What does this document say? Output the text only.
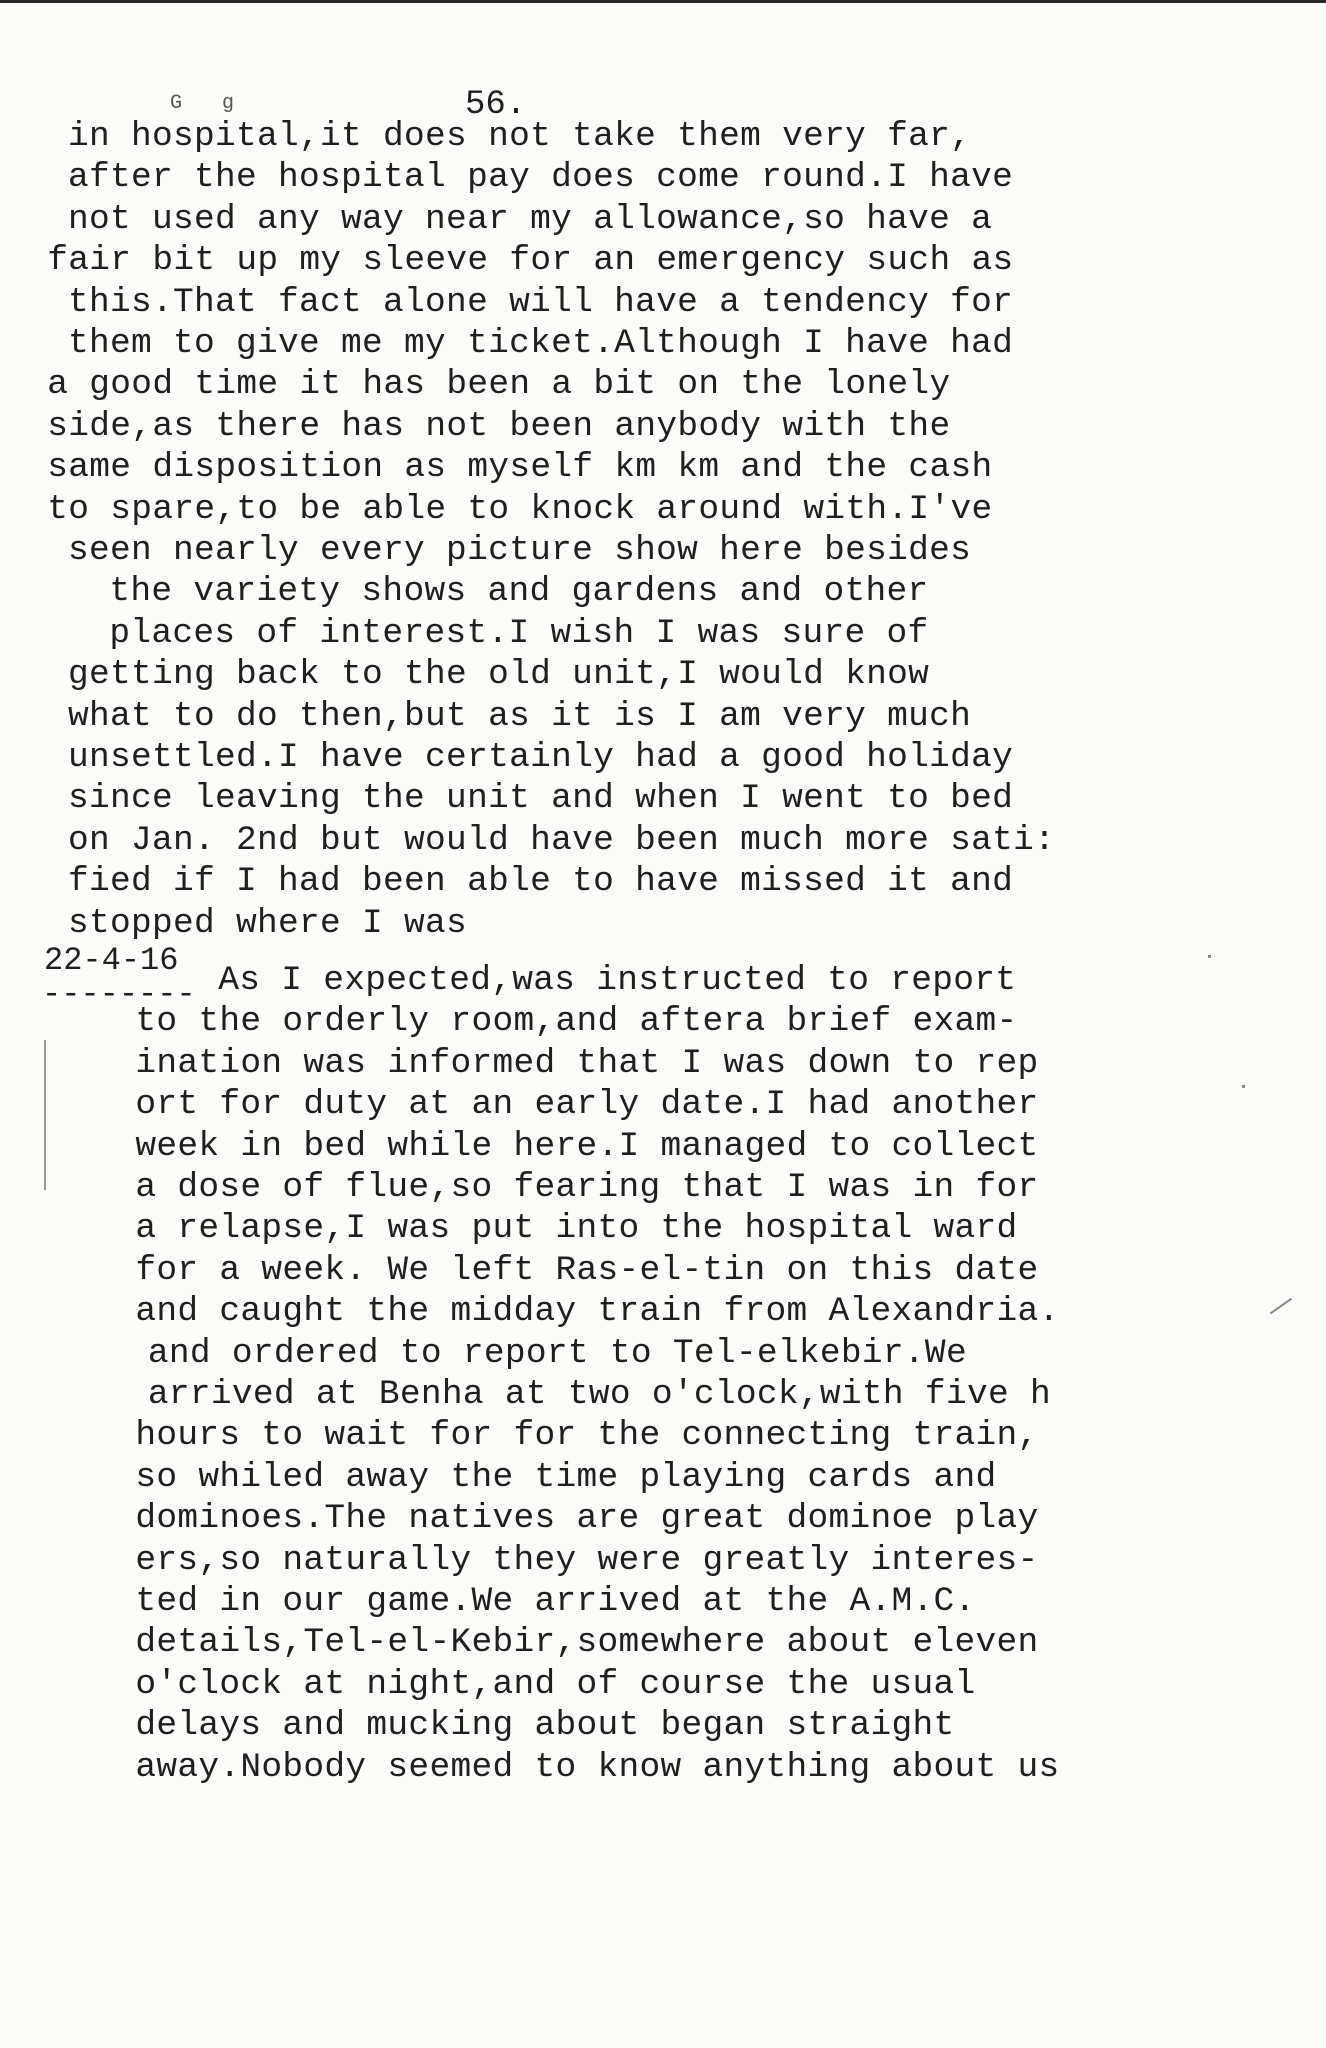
G g	56.
in hospital,it does not take them very far,
after the hospital pay does come round.I have
not used any way near my allowance,so have a
fair bit up my sleeve for an emergency such as
this.That fact alone will have a tendency for
them to give me my ticket.Although I have had
a good time it has been a bit on the lonely
side,as there has not been anybody with the
same disposition as myself km km and the cash
to spare,to be able to knock around with.I've
seen nearly every picture show here besides
the variety shows and gardens and other
places of interest.I wish I was sure of
getting back to the old unit,I would know
what to do then,but as it is I am very much
unsettled.I have certainly had a good holiday
since leaving the unit and when I went to bed
on Jan. 2nd but would have been much more sati:
fied if I had been able to have missed it and
stopped where I was
22-4-16
-------- As I expected,was instructed to report
to the orderly room,and aftera brief exam-
ination was informed that I was down to rep
ort for duty at an early date.I had another
week in bed while here.I managed to collect
a dose of flue,so fearing that I was in for
a relapse,I was put into the hospital ward
for a week. We left Ras-el-tin on this date
and caught the midday train from Alexandria.
and ordered to report to Tel-elkebir.We
arrived at Benha at two o'clock,with five h
hours to wait for for the connecting train,
so whiled away the time playing cards and
dominoes.The natives are great dominoe play
ers,so naturally they were greatly interes-
ted in our game.We arrived at the A.M.C.
details,Tel-el-Kebir,somewhere about eleven
o'clock at night,and of course the usual
delays and mucking about began straight
away.Nobody seemed to know anything about us
